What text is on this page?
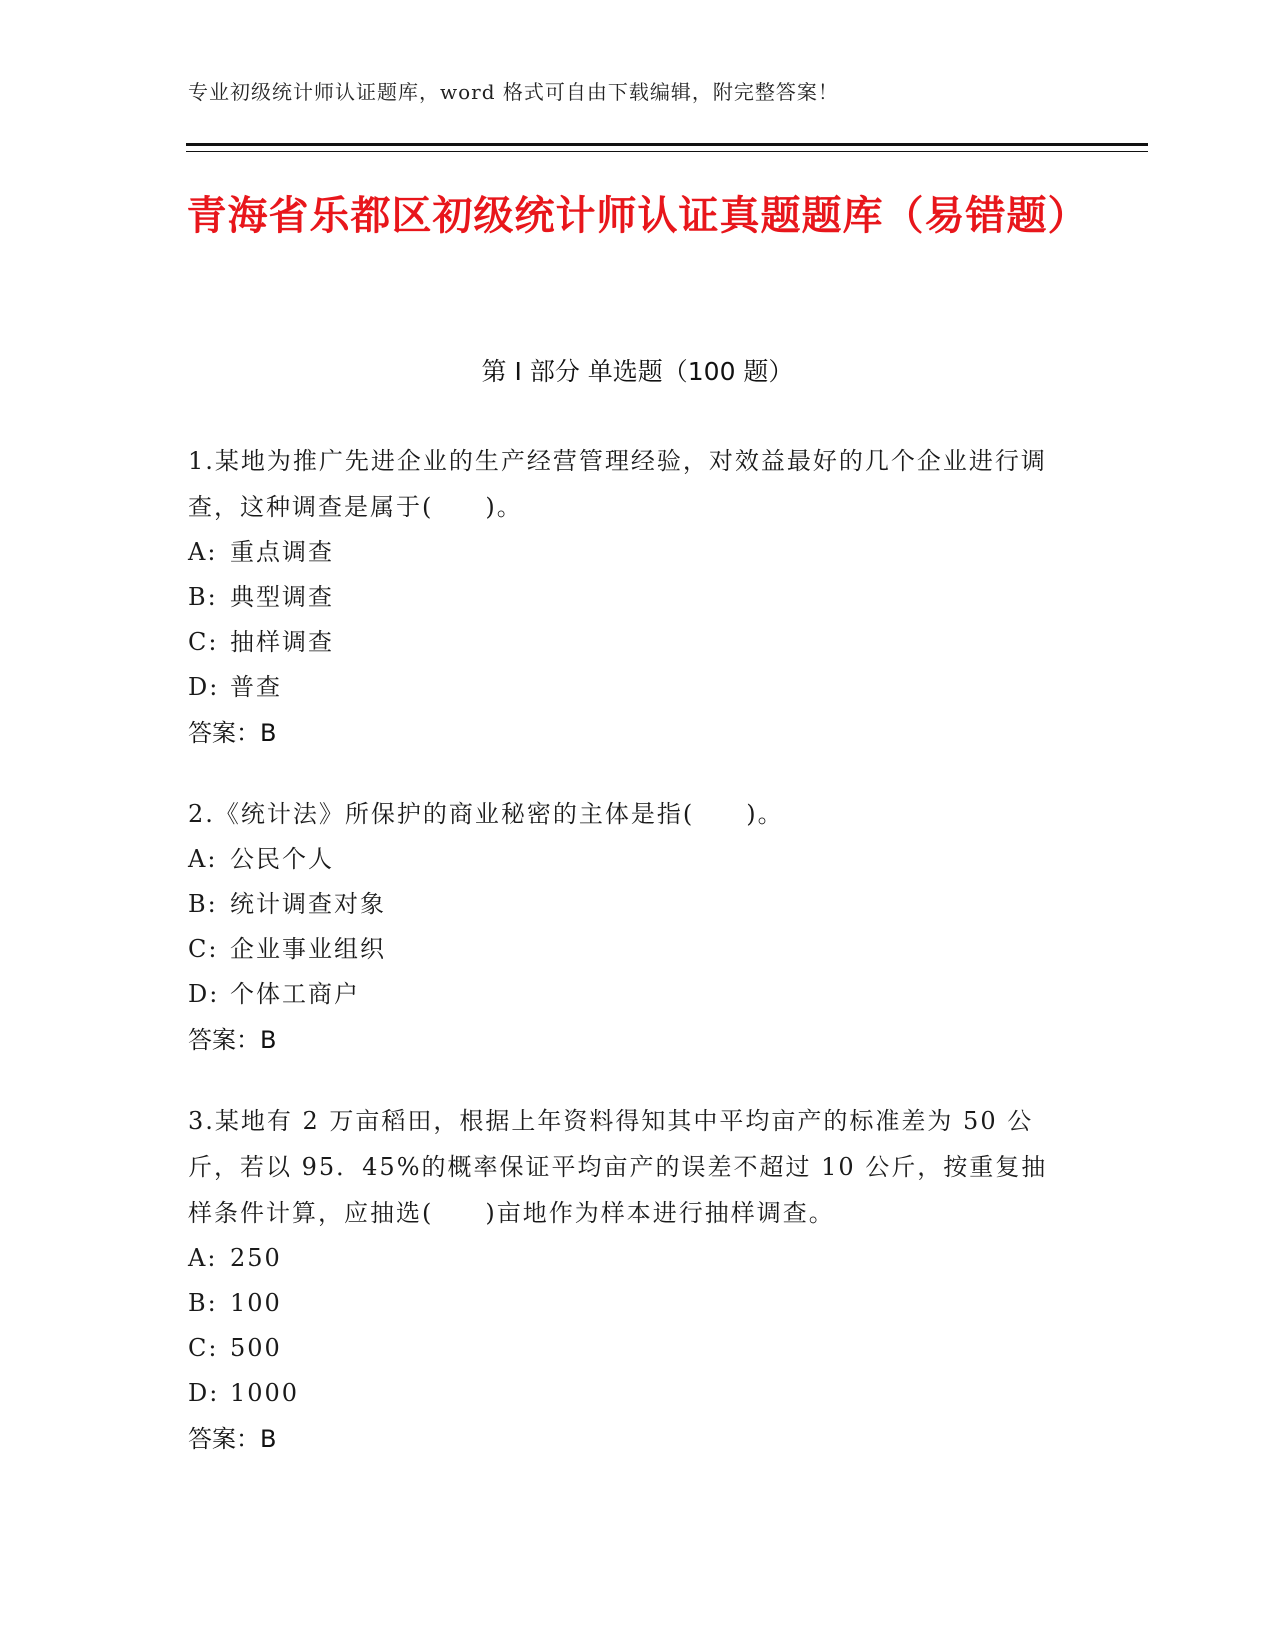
专业初级统计师认证题库，word 格式可自由下载编辑，附完整答案！
青海省乐都区初级统计师认证真题题库（易错题）
第 I 部分 单选题（100 题）

1.某地为推广先进企业的生产经营管理经验，对效益最好的几个企业进行调查，这种调查是属于(　　)。

A: 重点调查

B: 典型调查

C: 抽样调查

D: 普查

答案：B

2.《统计法》所保护的商业秘密的主体是指(　　)。

A: 公民个人

B: 统计调查对象

C: 企业事业组织

D: 个体工商户

答案：B

3.某地有 2 万亩稻田，根据上年资料得知其中平均亩产的标准差为 50 公斤，若以 95．45%的概率保证平均亩产的误差不超过 10 公斤，按重复抽样条件计算，应抽选(　　)亩地作为样本进行抽样调查。

A: 250

B: 100

C: 500

D: 1000

答案：B
